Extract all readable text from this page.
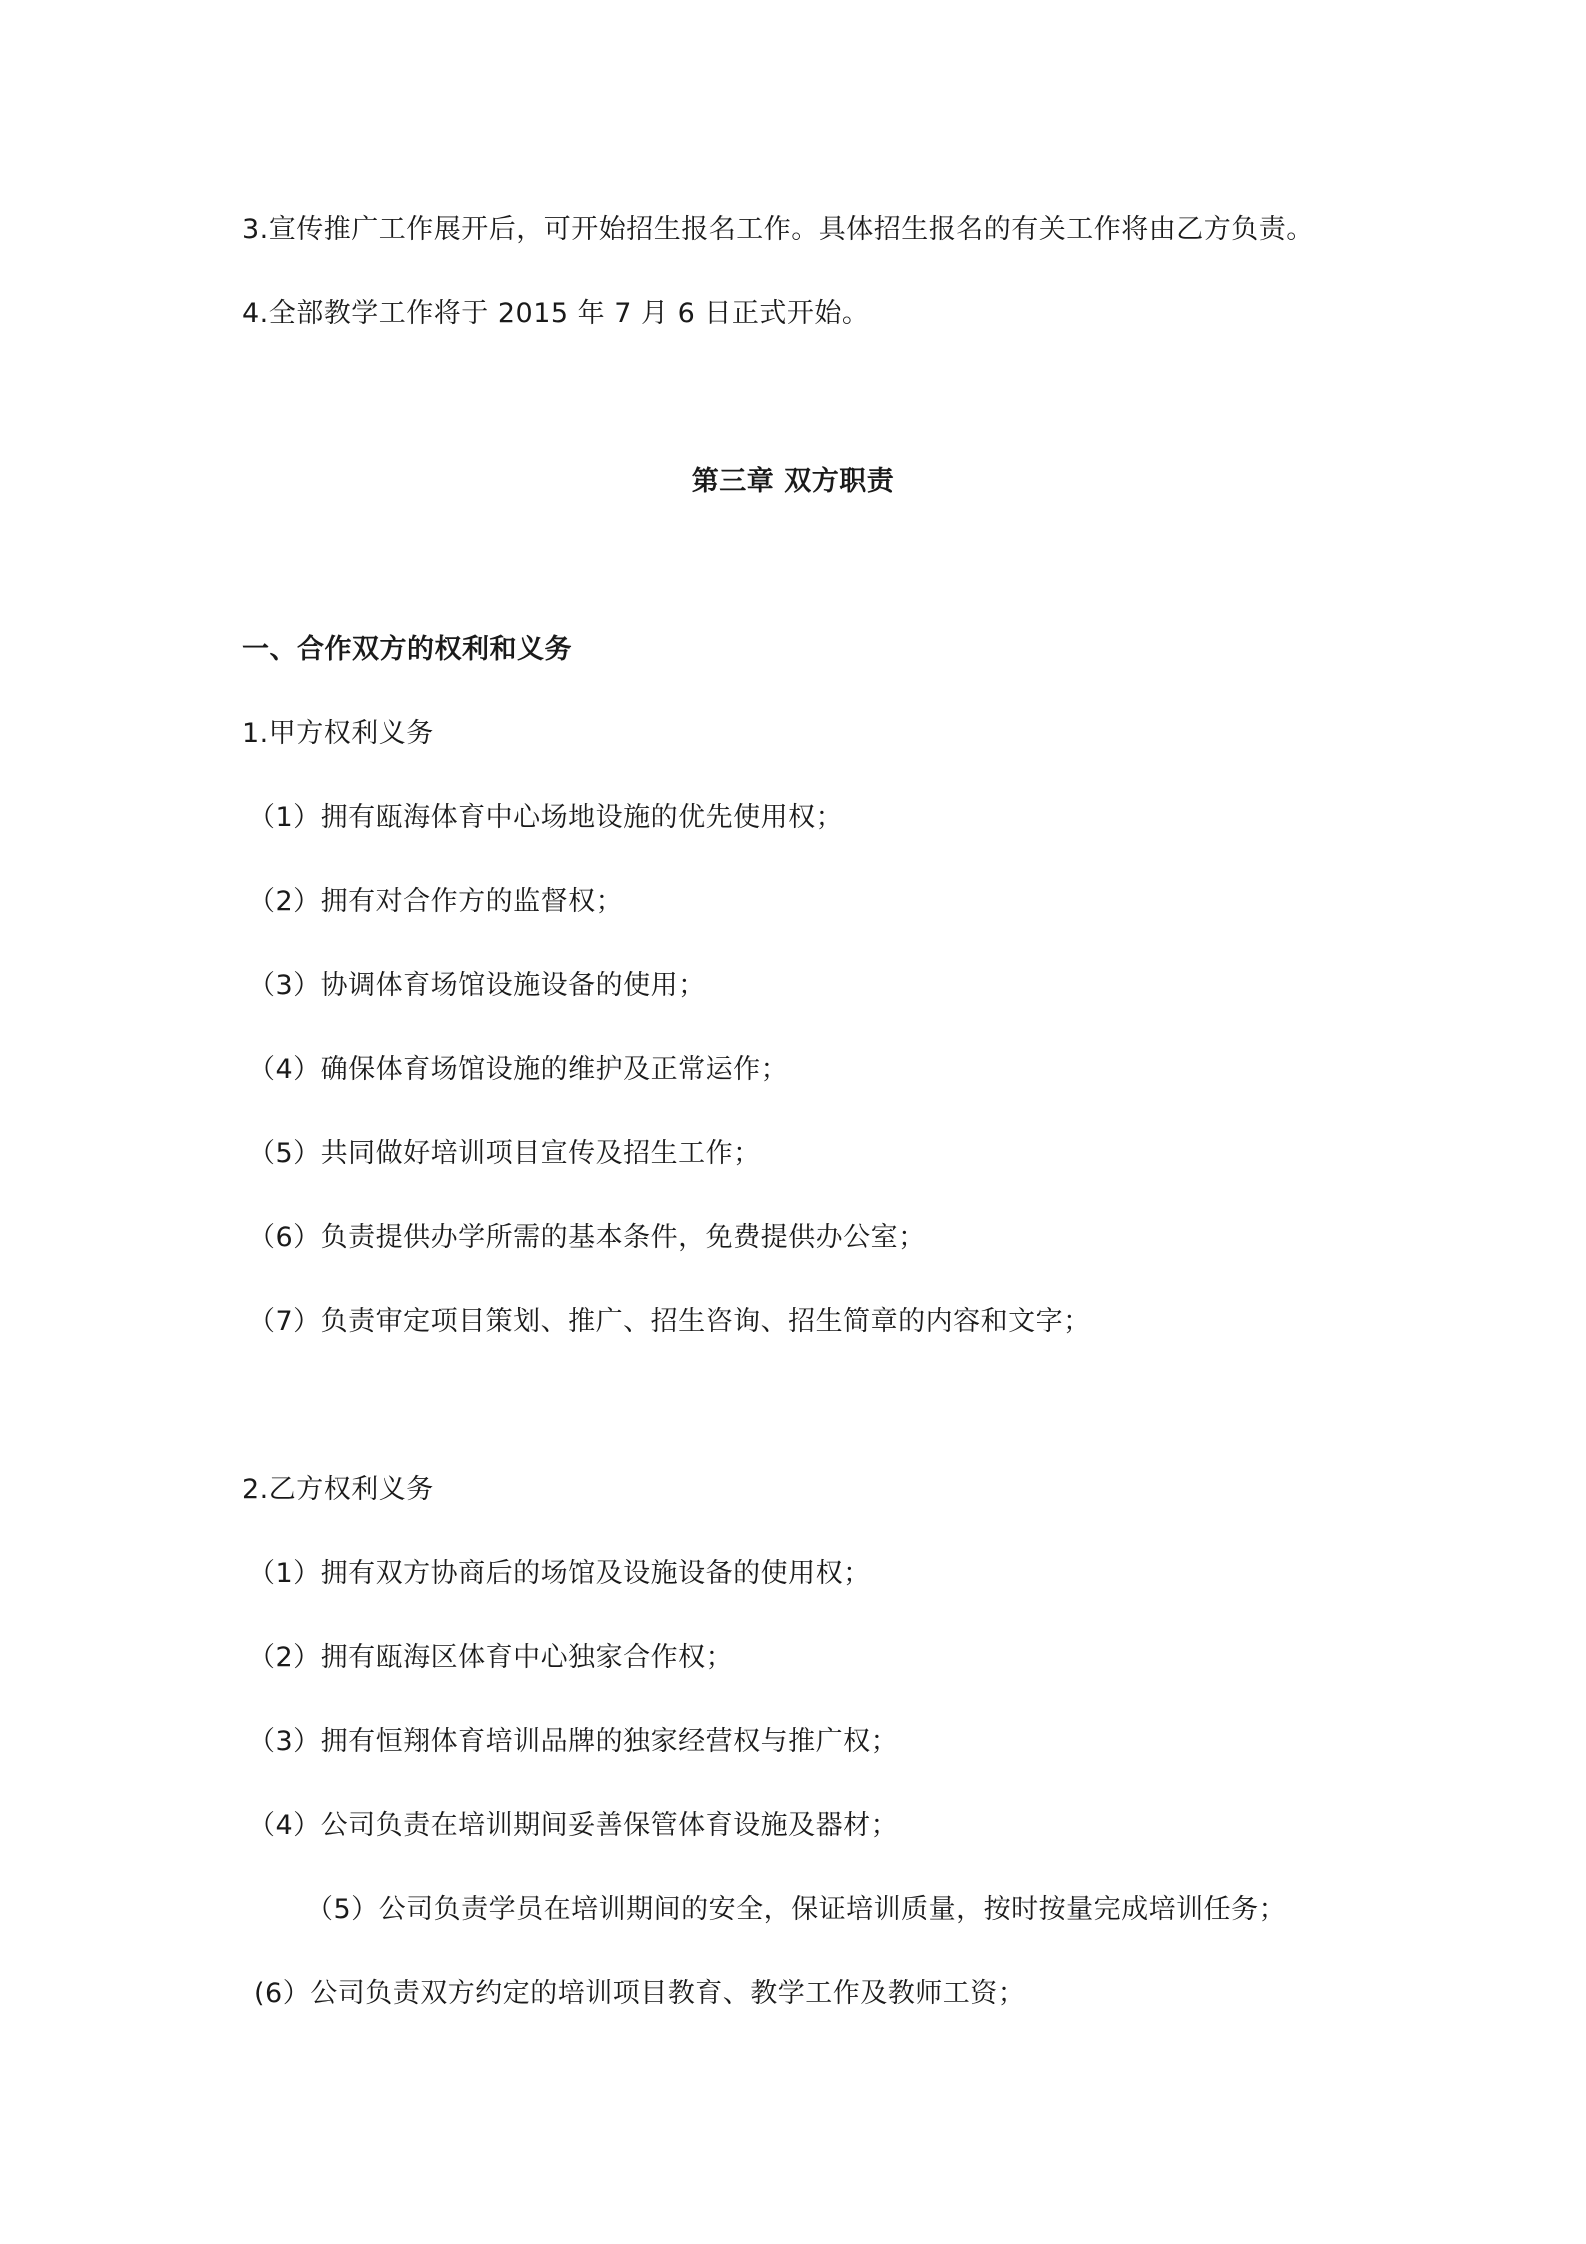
3.宣传推广工作展开后，可开始招生报名工作。具体招生报名的有关工作将由乙方负责。
4.全部教学工作将于 2015 年 7 月 6 日正式开始。
第三章 双方职责
一、合作双方的权利和义务
1.甲方权利义务
（1）拥有瓯海体育中心场地设施的优先使用权；
（2）拥有对合作方的监督权；
（3）协调体育场馆设施设备的使用；
（4）确保体育场馆设施的维护及正常运作；
（5）共同做好培训项目宣传及招生工作；
（6）负责提供办学所需的基本条件，免费提供办公室；
（7）负责审定项目策划、推广、招生咨询、招生简章的内容和文字；
2.乙方权利义务
（1）拥有双方协商后的场馆及设施设备的使用权；
（2）拥有瓯海区体育中心独家合作权；
（3）拥有恒翔体育培训品牌的独家经营权与推广权；
（4）公司负责在培训期间妥善保管体育设施及器材；
（5）公司负责学员在培训期间的安全，保证培训质量，按时按量完成培训任务；
(6）公司负责双方约定的培训项目教育、教学工作及教师工资；
